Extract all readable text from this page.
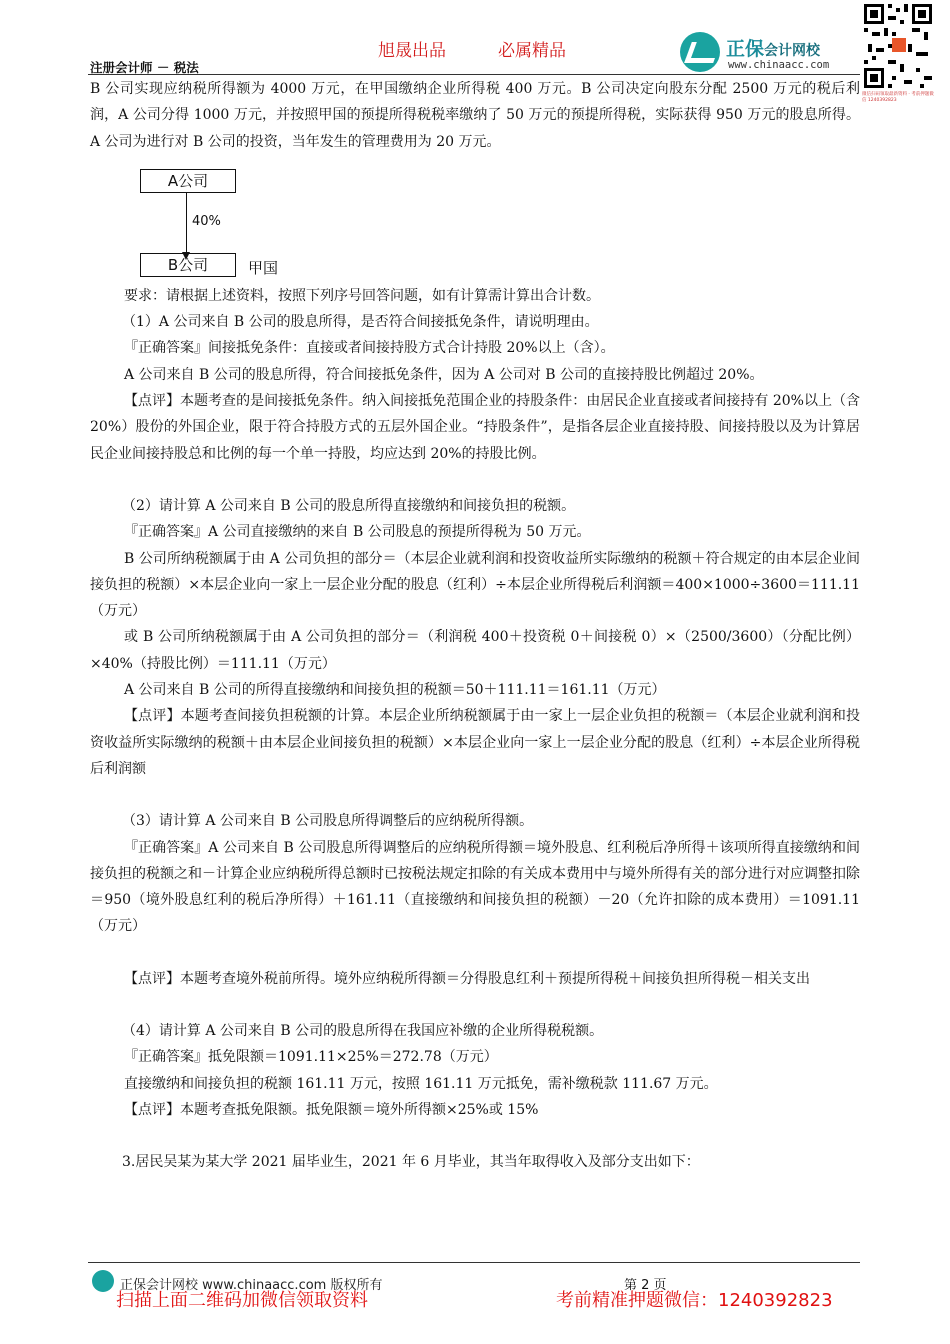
旭晟出品	必属精品
注册会计师 － 税法
正保会计网校
www.chinaacc.com
微信扫码领取最新资料 · 考前押题微信 1240392823

B 公司实现应纳税所得额为 4000 万元，在甲国缴纳企业所得税 400 万元。B 公司决定向股东分配 2500 万元的税后利润，A 公司分得 1000 万元，并按照甲国的预提所得税税率缴纳了 50 万元的预提所得税，实际获得 950 万元的股息所得。A 公司为进行对 B 公司的投资，当年发生的管理费用为 20 万元。

A公司
40%
B公司	甲国

要求：请根据上述资料，按照下列序号回答问题，如有计算需计算出合计数。

（1）A 公司来自 B 公司的股息所得，是否符合间接抵免条件，请说明理由。

『正确答案』间接抵免条件：直接或者间接持股方式合计持股 20%以上（含）。

A 公司来自 B 公司的股息所得，符合间接抵免条件，因为 A 公司对 B 公司的直接持股比例超过 20%。

【点评】本题考查的是间接抵免条件。纳入间接抵免范围企业的持股条件：由居民企业直接或者间接持有 20%以上（含 20%）股份的外国企业，限于符合持股方式的五层外国企业。“持股条件”，是指各层企业直接持股、间接持股以及为计算居民企业间接持股总和比例的每一个单一持股，均应达到 20%的持股比例。

（2）请计算 A 公司来自 B 公司的股息所得直接缴纳和间接负担的税额。

『正确答案』A 公司直接缴纳的来自 B 公司股息的预提所得税为 50 万元。

B 公司所纳税额属于由 A 公司负担的部分＝（本层企业就利润和投资收益所实际缴纳的税额＋符合规定的由本层企业间接负担的税额）×本层企业向一家上一层企业分配的股息（红利）÷本层企业所得税后利润额＝400×1000÷3600＝111.11（万元）

或 B 公司所纳税额属于由 A 公司负担的部分＝（利润税 400＋投资税 0＋间接税 0）×（2500/3600）（分配比例）×40%（持股比例）＝111.11（万元）

A 公司来自 B 公司的所得直接缴纳和间接负担的税额＝50＋111.11＝161.11（万元）

【点评】本题考查间接负担税额的计算。本层企业所纳税额属于由一家上一层企业负担的税额＝（本层企业就利润和投资收益所实际缴纳的税额＋由本层企业间接负担的税额）×本层企业向一家上一层企业分配的股息（红利）÷本层企业所得税后利润额

（3）请计算 A 公司来自 B 公司股息所得调整后的应纳税所得额。

『正确答案』A 公司来自 B 公司股息所得调整后的应纳税所得额＝境外股息、红利税后净所得＋该项所得直接缴纳和间接负担的税额之和－计算企业应纳税所得总额时已按税法规定扣除的有关成本费用中与境外所得有关的部分进行对应调整扣除＝950（境外股息红利的税后净所得）＋161.11（直接缴纳和间接负担的税额）－20（允许扣除的成本费用）＝1091.11（万元）

【点评】本题考查境外税前所得。境外应纳税所得额＝分得股息红利＋预提所得税＋间接负担所得税－相关支出

（4）请计算 A 公司来自 B 公司的股息所得在我国应补缴的企业所得税税额。

『正确答案』抵免限额＝1091.11×25%＝272.78（万元）

直接缴纳和间接负担的税额 161.11 万元，按照 161.11 万元抵免，需补缴税款 111.67 万元。

【点评】本题考查抵免限额。抵免限额＝境外所得额×25%或 15%

3.居民吴某为某大学 2021 届毕业生，2021 年 6 月毕业，其当年取得收入及部分支出如下：

正保会计网校 www.chinaacc.com 版权所有	第 2 页
扫描上面二维码加微信领取资料	考前精准押题微信：1240392823
